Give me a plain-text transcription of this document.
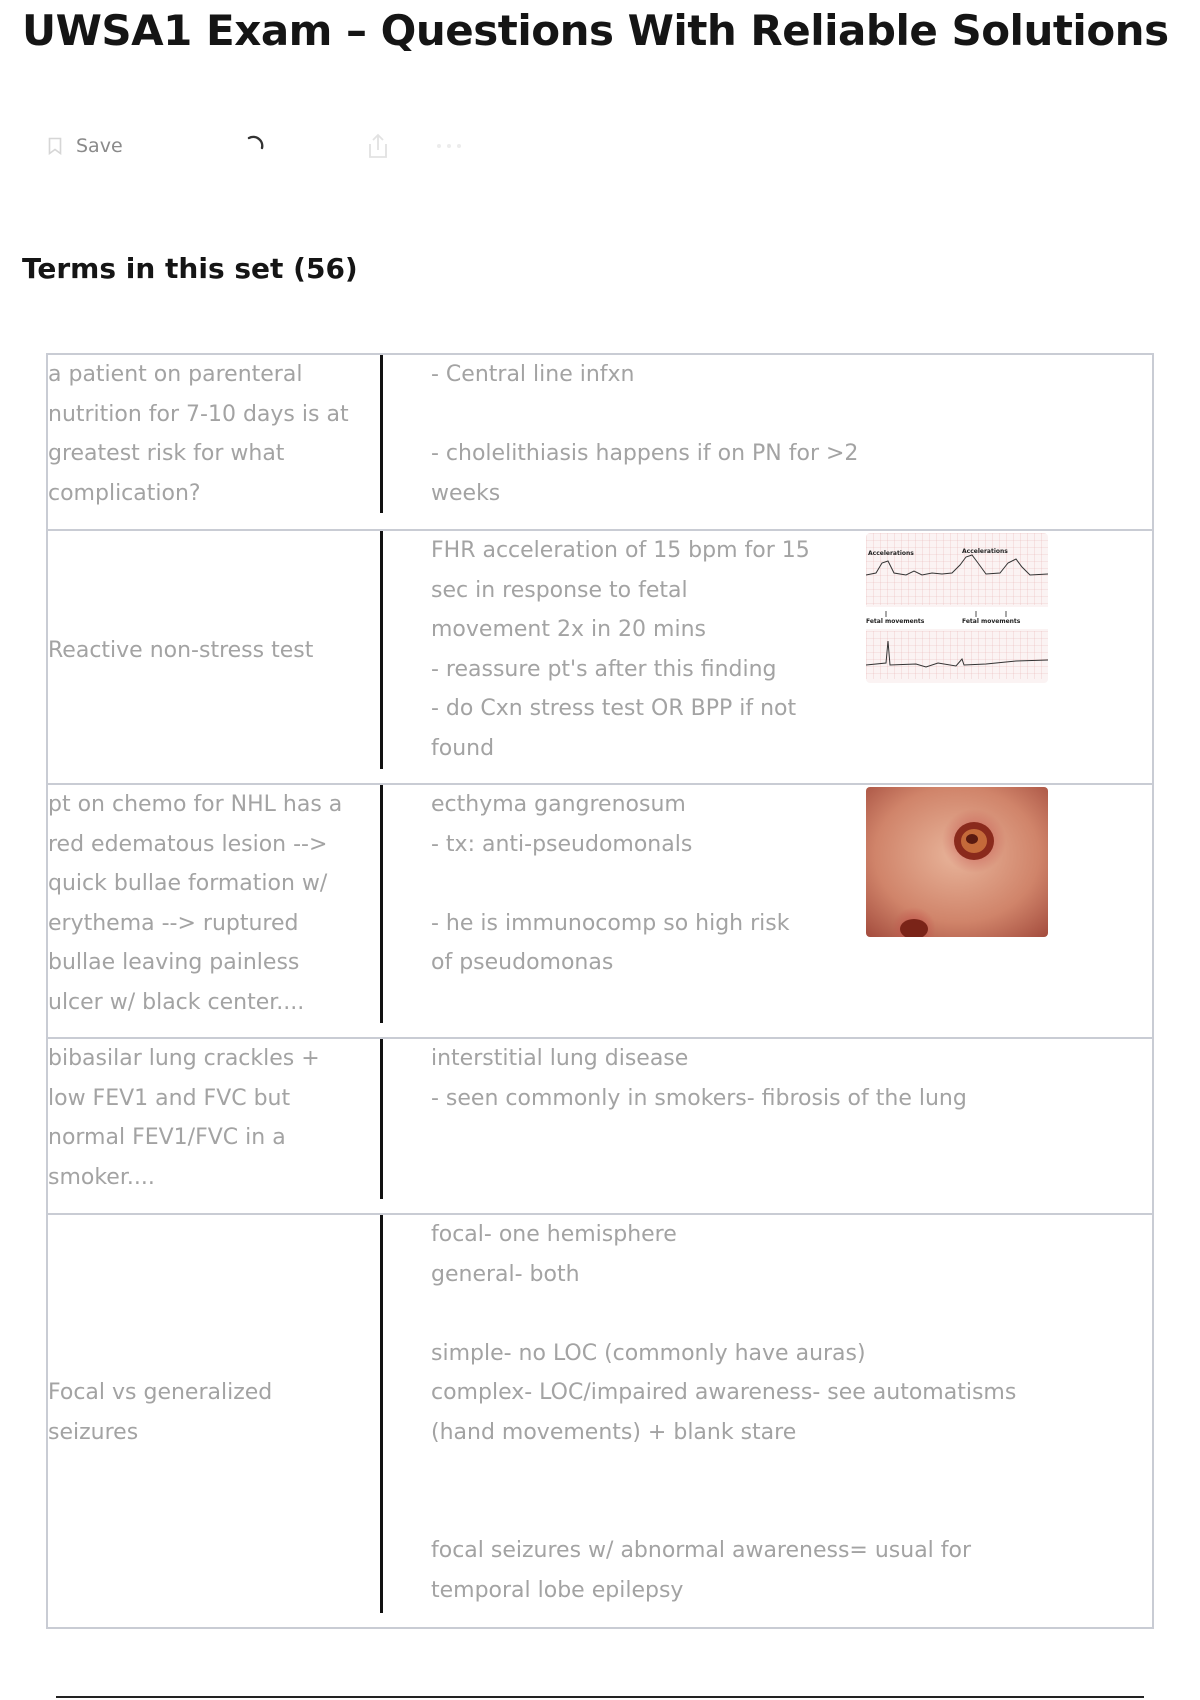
UWSA1 Exam – Questions With Reliable Solutions
Save
Terms in this set (56)
a patient on parenteral
nutrition for 7-10 days is at
greatest risk for what
complication?
- Central line infxn

- cholelithiasis happens if on PN for >2 weeks
Reactive non-stress test
FHR acceleration of 15 bpm for 15
sec in response to fetal
movement 2x in 20 mins
- reassure pt's after this finding
- do Cxn stress test OR BPP if not
found
Accelerations	Accelerations
Fetal movements	Fetal movements
pt on chemo for NHL has a
red edematous lesion -->
quick bullae formation w/
erythema --> ruptured
bullae leaving painless
ulcer w/ black center....
ecthyma gangrenosum
- tx: anti-pseudomonals

- he is immunocomp so high risk
of pseudomonas
bibasilar lung crackles +
low FEV1 and FVC but
normal FEV1/FVC in a
smoker....
interstitial lung disease
- seen commonly in smokers- fibrosis of the lung
Focal vs generalized
seizures
focal- one hemisphere
general- both

simple- no LOC (commonly have auras)
complex- LOC/impaired awareness- see automatisms
(hand movements) + blank stare

focal seizures w/ abnormal awareness= usual for
temporal lobe epilepsy
